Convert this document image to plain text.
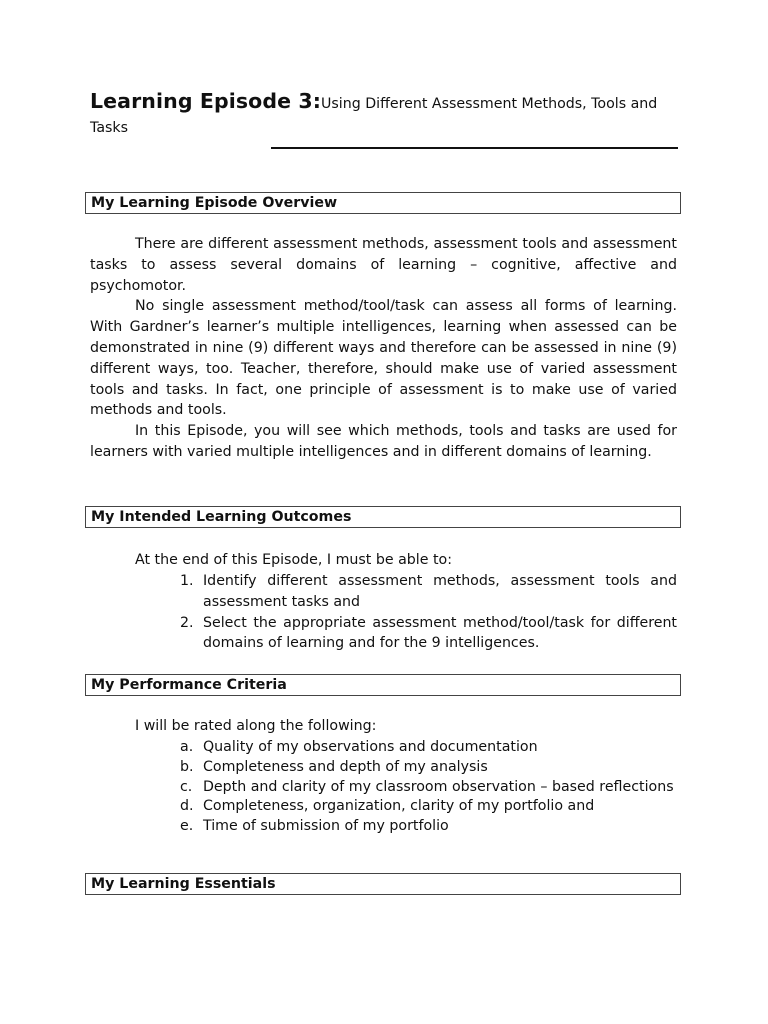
Learning Episode 3:Using Different Assessment Methods, Tools and Tasks
My Learning Episode Overview

There are different assessment methods, assessment tools and assessment tasks to assess several domains of learning – cognitive, affective and psychomotor.

No single assessment method/tool/task can assess all forms of learning. With Gardner’s learner’s multiple intelligences, learning when assessed can be demonstrated in nine (9) different ways and therefore can be assessed in nine (9) different ways, too. Teacher, therefore, should make use of varied assessment tools and tasks. In fact, one principle of assessment is to make use of varied methods and tools.

In this Episode, you will see which methods, tools and tasks are used for learners with varied multiple intelligences and in different domains of learning.

My Intended Learning Outcomes
At the end of this Episode, I must be able to:
1. Identify different assessment methods, assessment tools and assessment tasks and
2. Select the appropriate assessment method/tool/task for different domains of learning and for the 9 intelligences.
My Performance Criteria
I will be rated along the following:
a. Quality of my observations and documentation
b. Completeness and depth of my analysis
c. Depth and clarity of my classroom observation – based reflections
d. Completeness, organization, clarity of my portfolio and
e. Time of submission of my portfolio
My Learning Essentials
